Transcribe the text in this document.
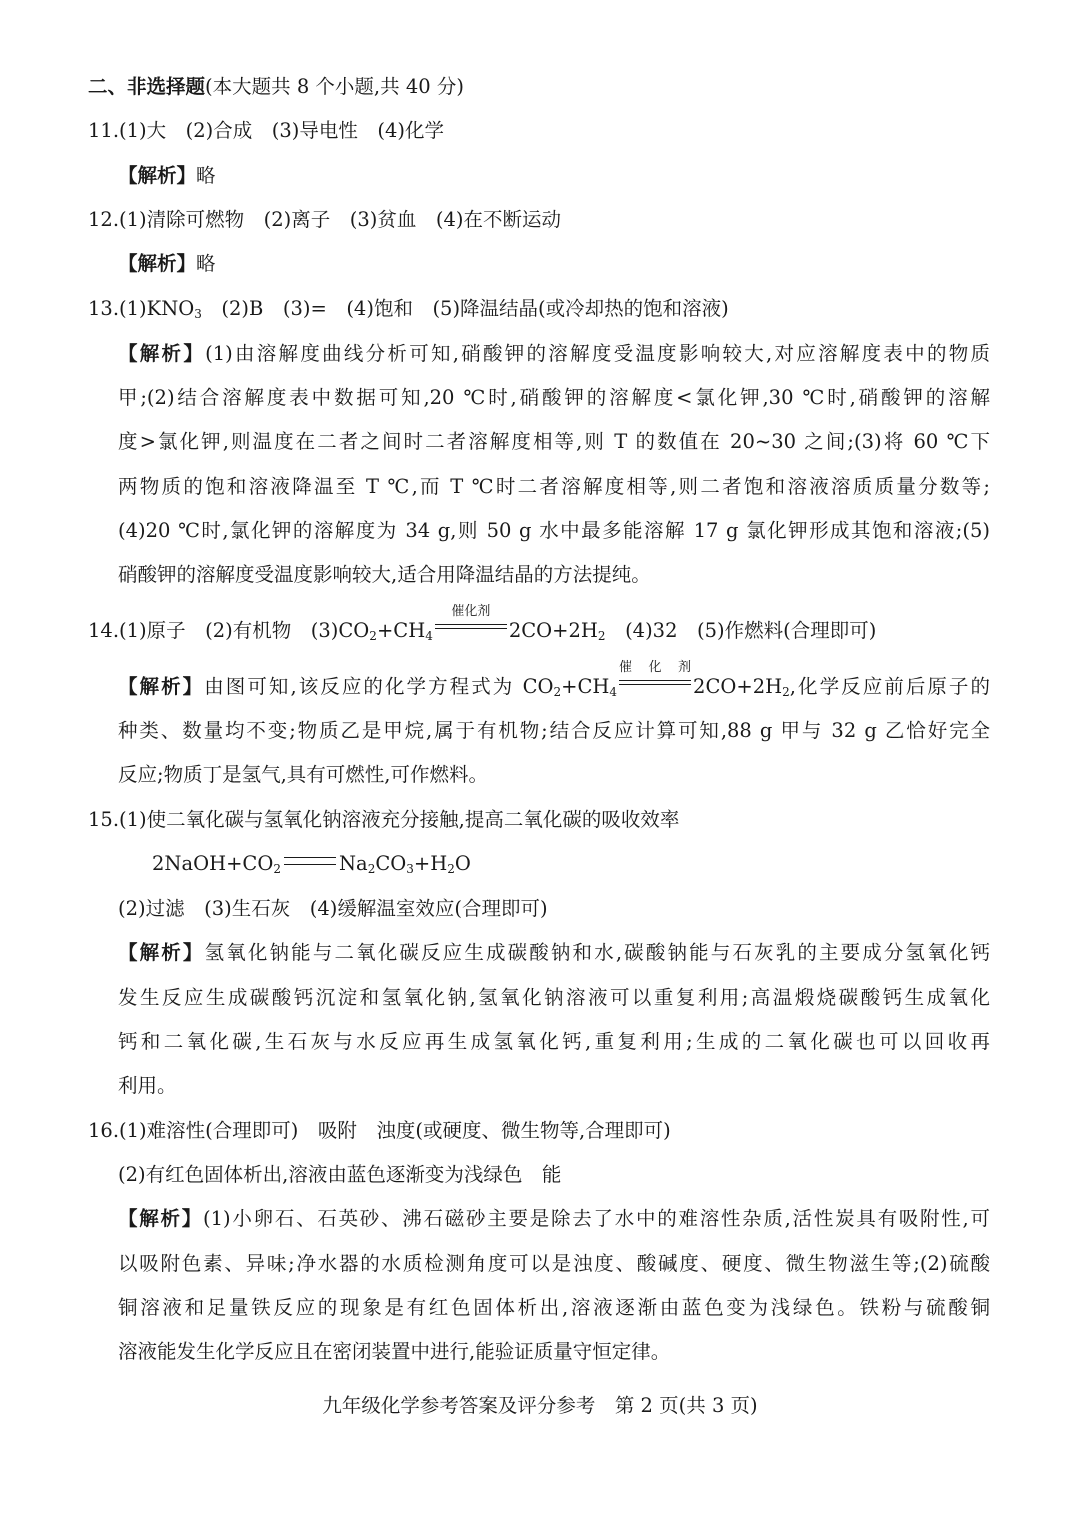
二、非选择题(本大题共 8 个小题,共 40 分)
11.(1)大　(2)合成　(3)导电性　(4)化学
【解析】略
12.(1)清除可燃物　(2)离子　(3)贫血　(4)在不断运动
【解析】略
$13.(1)KNO_3$　(2)B　(3)=　(4)饱和　(5)降温结晶(或冷却热的饱和溶液)
【解析】(1)由溶解度曲线分析可知,硝酸钾的溶解度受温度影响较大,对应溶解度表中的物质
甲;(2)结合溶解度表中数据可知,20 ℃时,硝酸钾的溶解度<氯化钾,30 ℃时,硝酸钾的溶解
度>氯化钾,则温度在二者之间时二者溶解度相等,则 T 的数值在 20~30 之间;(3)将 60 ℃下
两物质的饱和溶液降温至 T ℃,而 T ℃时二者溶解度相等,则二者饱和溶液溶质质量分数等;
(4)20 ℃时,氯化钾的溶解度为 34 g,则 50 g 水中最多能溶解 17 g 氯化钾形成其饱和溶液;(5)
硝酸钾的溶解度受温度影响较大,适合用降温结晶的方法提纯。
14.(1)原子　(2)有机物　$(3)CO_2+CH_4$
催化剂
$2CO+2H_2$　(4)32　(5)作燃料(合理即可)
【解析】由图可知,该反应的化学方程式为 $CO_2+CH_4$
催化剂
$2CO+2H_2$,化学反应前后原子的
种类、数量均不变;物质乙是甲烷,属于有机物;结合反应计算可知,88 g 甲与 32 g 乙恰好完全
反应;物质丁是氢气,具有可燃性,可作燃料。
15.(1)使二氧化碳与氢氧化钠溶液充分接触,提高二氧化碳的吸收效率
$2NaOH+CO_2$	$Na_2CO_3+H_2O$
(2)过滤　(3)生石灰　(4)缓解温室效应(合理即可)
【解析】氢氧化钠能与二氧化碳反应生成碳酸钠和水,碳酸钠能与石灰乳的主要成分氢氧化钙
发生反应生成碳酸钙沉淀和氢氧化钠,氢氧化钠溶液可以重复利用;高温煅烧碳酸钙生成氧化
钙和二氧化碳,生石灰与水反应再生成氢氧化钙,重复利用;生成的二氧化碳也可以回收再
利用。
16.(1)难溶性(合理即可)　吸附　浊度(或硬度、微生物等,合理即可)
(2)有红色固体析出,溶液由蓝色逐渐变为浅绿色　能
【解析】(1)小卵石、石英砂、沸石磁砂主要是除去了水中的难溶性杂质,活性炭具有吸附性,可
以吸附色素、异味;净水器的水质检测角度可以是浊度、酸碱度、硬度、微生物滋生等;(2)硫酸
铜溶液和足量铁反应的现象是有红色固体析出,溶液逐渐由蓝色变为浅绿色。铁粉与硫酸铜
溶液能发生化学反应且在密闭装置中进行,能验证质量守恒定律。
九年级化学参考答案及评分参考　第 2 页(共 3 页)
